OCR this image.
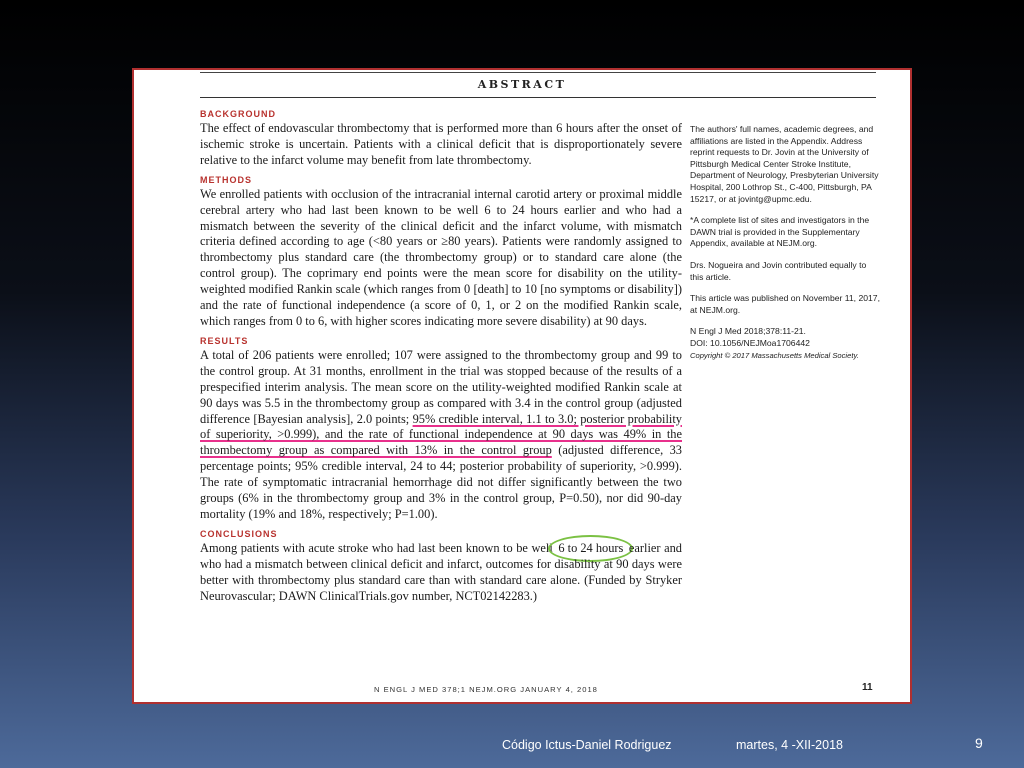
ABSTRACT
BACKGROUND

The effect of endovascular thrombectomy that is performed more than 6 hours after the onset of ischemic stroke is uncertain. Patients with a clinical deficit that is disproportionately severe relative to the infarct volume may benefit from late thrombectomy.

METHODS

We enrolled patients with occlusion of the intracranial internal carotid artery or proximal middle cerebral artery who had last been known to be well 6 to 24 hours earlier and who had a mismatch between the severity of the clinical deficit and the infarct volume, with mismatch criteria defined according to age (<80 years or ≥80 years). Patients were randomly assigned to thrombectomy plus standard care (the thrombectomy group) or to standard care alone (the control group). The coprimary end points were the mean score for disability on the utility-weighted modified Rankin scale (which ranges from 0 [death] to 10 [no symptoms or disability]) and the rate of functional independence (a score of 0, 1, or 2 on the modified Rankin scale, which ranges from 0 to 6, with higher scores indicating more severe disability) at 90 days.

RESULTS

A total of 206 patients were enrolled; 107 were assigned to the thrombectomy group and 99 to the control group. At 31 months, enrollment in the trial was stopped because of the results of a prespecified interim analysis. The mean score on the utility-weighted modified Rankin scale at 90 days was 5.5 in the thrombectomy group as compared with 3.4 in the control group (adjusted difference [Bayesian analysis], 2.0 points; 95% credible interval, 1.1 to 3.0; posterior probability of superiority, >0.999), and the rate of functional independence at 90 days was 49% in the thrombectomy group as compared with 13% in the control group (adjusted difference, 33 percentage points; 95% credible interval, 24 to 44; posterior probability of superiority, >0.999). The rate of symptomatic intracranial hemorrhage did not differ significantly between the two groups (6% in the thrombectomy group and 3% in the control group, P=0.50), nor did 90-day mortality (19% and 18%, respectively; P=1.00).

CONCLUSIONS

Among patients with acute stroke who had last been known to be well 6 to 24 hours earlier and who had a mismatch between clinical deficit and infarct, outcomes for disability at 90 days were better with thrombectomy plus standard care than with standard care alone. (Funded by Stryker Neurovascular; DAWN ClinicalTrials.gov number, NCT02142283.)

The authors' full names, academic degrees, and affiliations are listed in the Appendix. Address reprint requests to Dr. Jovin at the University of Pittsburgh Medical Center Stroke Institute, Department of Neurology, Presbyterian University Hospital, 200 Lothrop St., C-400, Pittsburgh, PA 15217, or at jovintg@upmc.edu.

*A complete list of sites and investigators in the DAWN trial is provided in the Supplementary Appendix, available at NEJM.org.

Drs. Nogueira and Jovin contributed equally to this article.

This article was published on November 11, 2017, at NEJM.org.

N Engl J Med 2018;378:11-21.

DOI: 10.1056/NEJMoa1706442

Copyright © 2017 Massachusetts Medical Society.

N ENGL J MED 378;1 NEJM.ORG JANUARY 4, 2018	11
Código Ictus-Daniel Rodriguez	martes, 4 -XII-2018	9
